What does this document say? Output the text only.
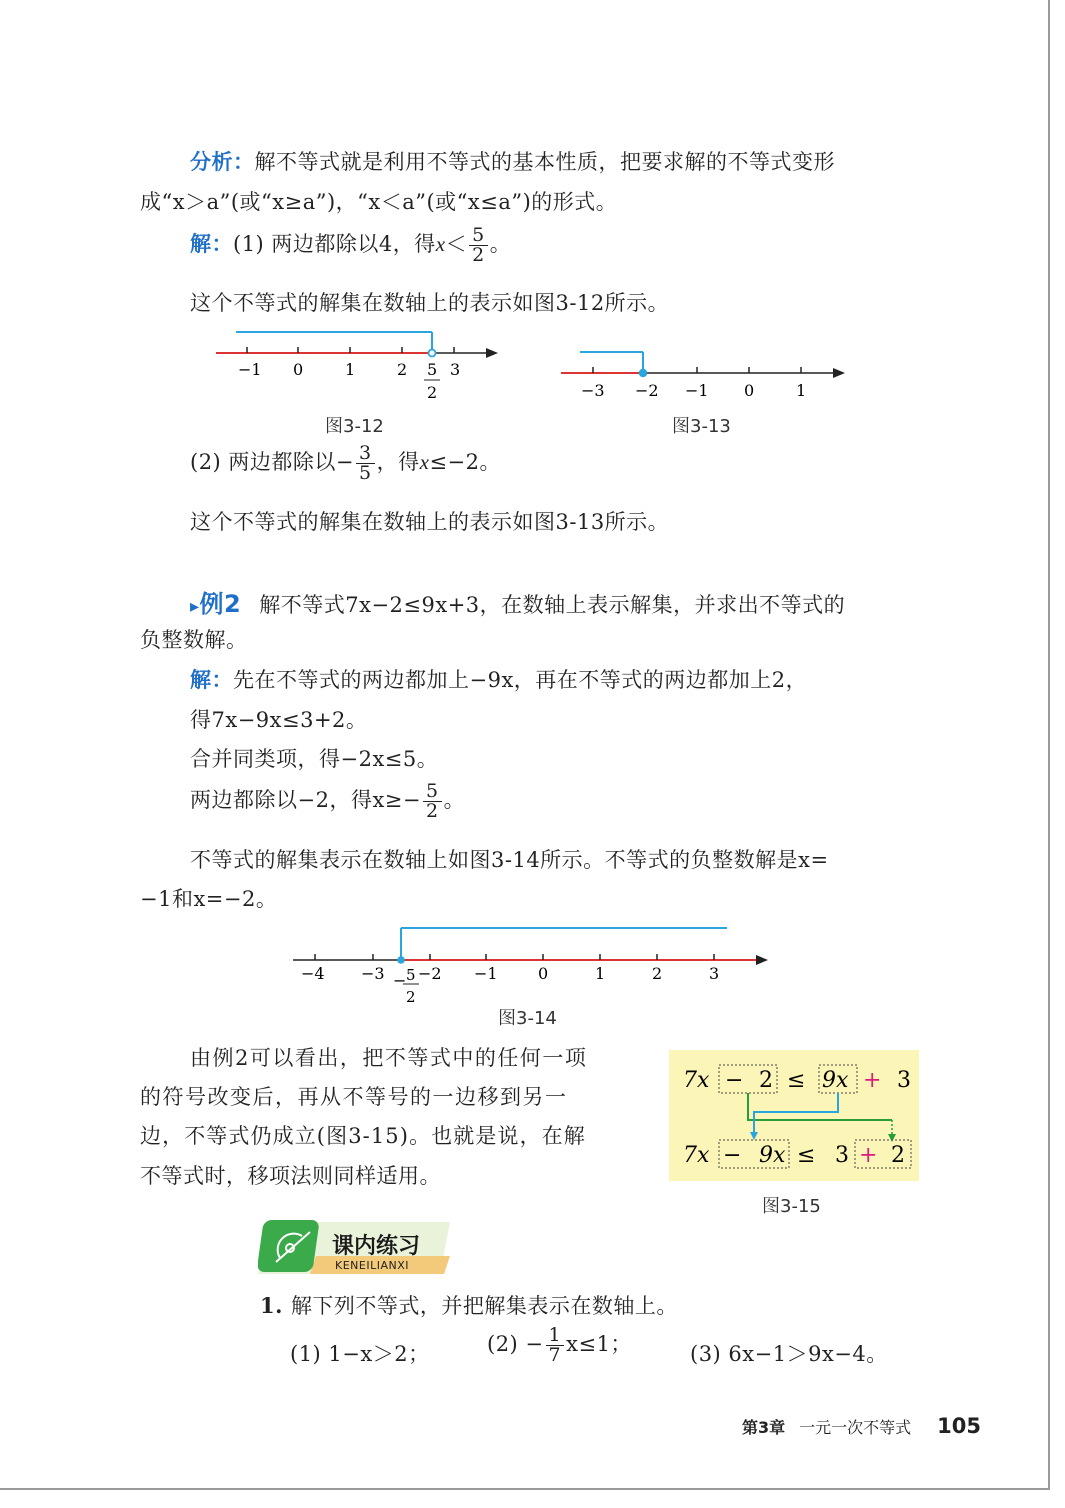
分析：解不等式就是利用不等式的基本性质，把要求解的不等式变形
成“x＞a”(或“x≥a”)，“x＜a”(或“x≤a”)的形式。
解：(1) 两边都除以4，得$x< \frac{5}{2}$ 。
这个不等式的解集在数轴上的表示如图3-12所示。
−1 0	1	2	3
5
2
图3-12
−3 −2 −1 0	1
图3-13
(2) 两边都除以− $\frac{3}{5}$ ，得x≤−2。
这个不等式的解集在数轴上的表示如图3-13所示。
▸例2 解不等式7x−2≤9x+3，在数轴上表示解集，并求出不等式的
负整数解。
解：先在不等式的两边都加上−9x，再在不等式的两边都加上2，
得7x−9x≤3+2。
合并同类项，得−2x≤5。
两边都除以−2，得$x\ge- \frac{5}{2}$ 。
不等式的解集表示在数轴上如图3-14所示。不等式的负整数解是x=
−1和x=−2。
−4 −3 −2 −1	0	1	2	3
− 5
2
图3-14
由例2可以看出，把不等式中的任何一项
的符号改变后，再从不等号的一边移到另一
边，不等式仍成立(图3-15)。也就是说，在解
不等式时，移项法则同样适用。
7x − 2 ≤ 9x + 3
7x − 9x ≤ 3 + 2
图3-15
课内练习
KENEILIANXI
1. 解下列不等式，并把解集表示在数轴上。
(1) 1−x＞2；	$(2) - \frac{1}{7} x\le 1$；	(3) 6x−1＞9x−4。
第3章 一元一次不等式 105
